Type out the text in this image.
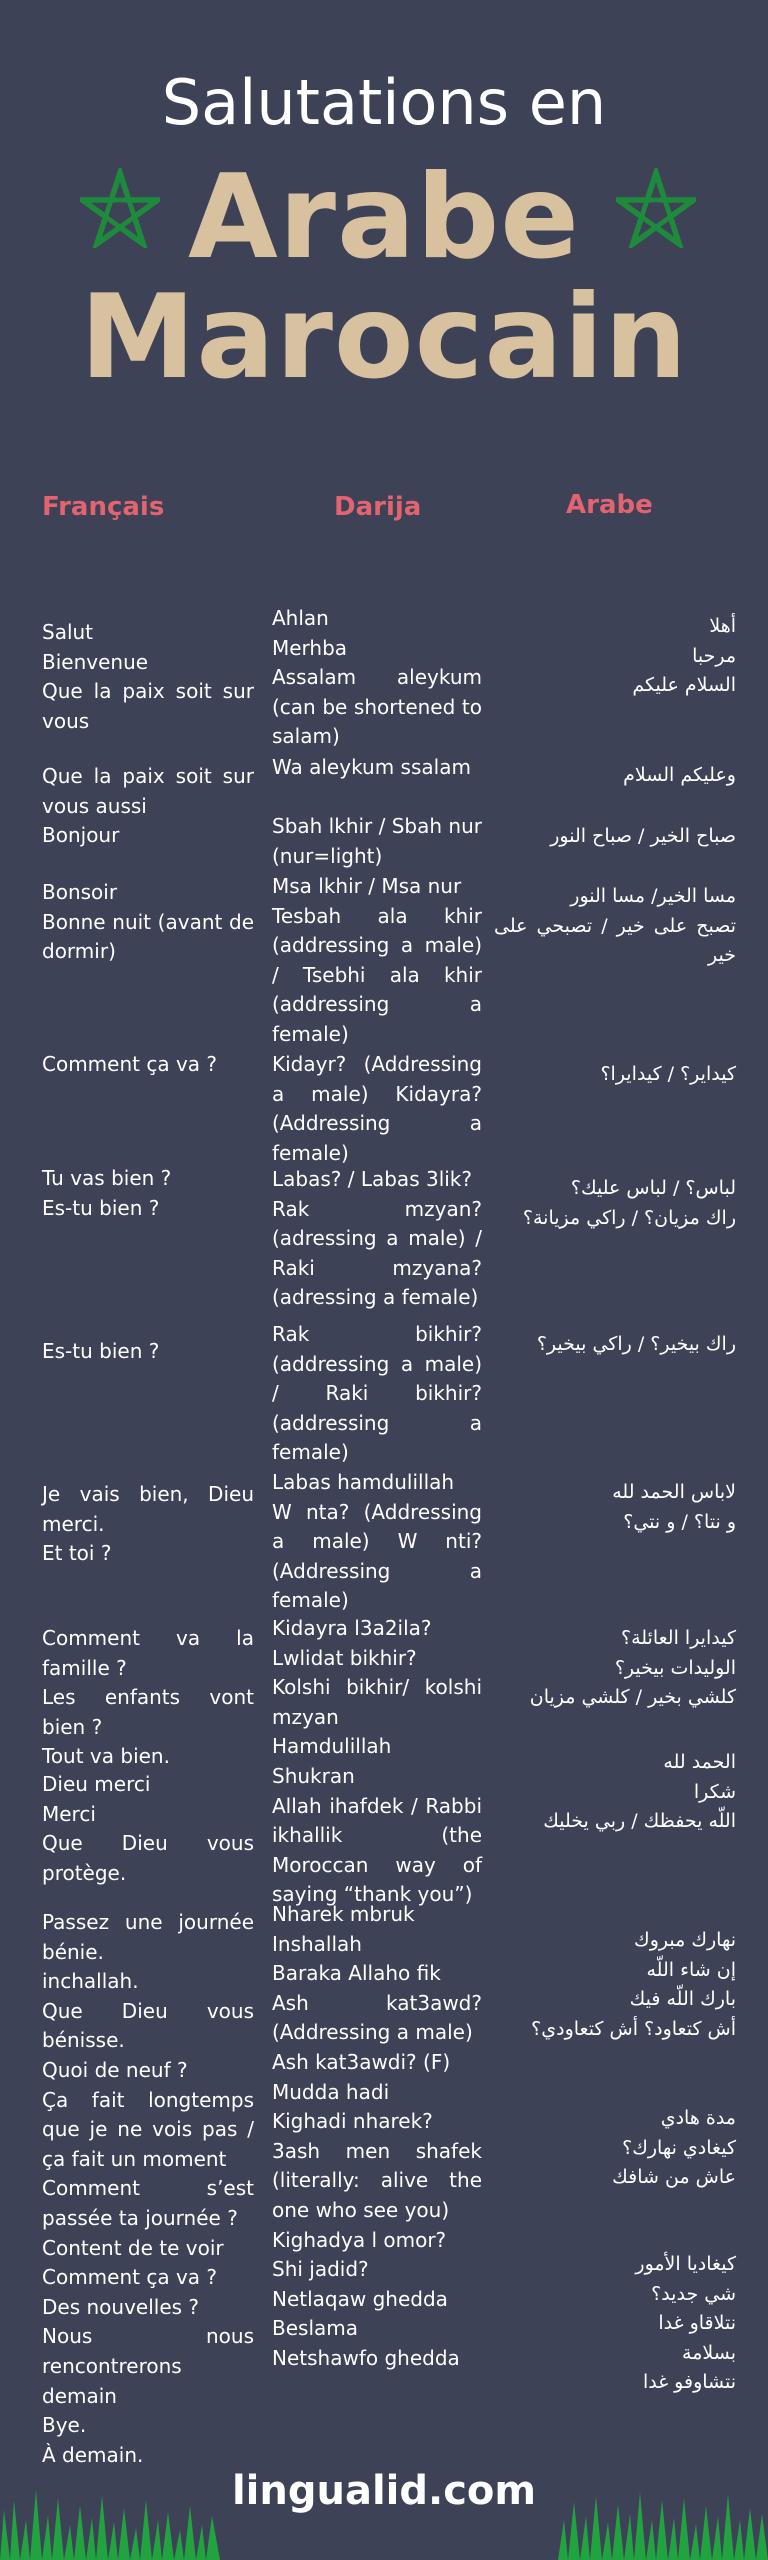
Salutations en
Arabe
Marocain
Français	Darija	Arabe
Salut
Bienvenue
Que la paix soit sur vous
Que la paix soit sur vous aussi
Bonjour
Bonsoir
Bonne nuit (avant de dormir)
Comment ça va ?
Tu vas bien ?
Es-tu bien ?
Es-tu bien ?
Je vais bien, Dieu merci.
Et toi ?
Comment va la famille ?
Les enfants vont bien ?
Tout va bien.
Dieu merci
Merci
Que Dieu vous protège.
Passez une journée bénie.
inchallah.
Que Dieu vous bénisse.
Quoi de neuf ?
Ça fait longtemps que je ne vois pas / ça fait un moment
Comment s’est passée ta journée ?
Content de te voir
Comment ça va ?
Des nouvelles ?
Nous nous rencontrerons demain
Bye.
À demain.
Ahlan
Merhba
Assalam aleykum (can be shortened to salam)
Wa aleykum ssalam
Sbah lkhir / Sbah nur (nur=light)
Msa lkhir / Msa nur
Tesbah ala khir (addressing a male) / Tsebhi ala khir (addressing a female)
Kidayr? (Addressing a male) Kidayra? (Addressing a female)
Labas? / Labas 3lik?
Rak mzyan? (adressing a male) / Raki mzyana? (adressing a female)
Rak bikhir? (addressing a male) / Raki bikhir? (addressing a female)
Labas hamdulillah
W nta? (Addressing a male) W nti? (Addressing a female)
Kidayra l3a2ila?
Lwlidat bikhir?
Kolshi bikhir/ kolshi mzyan
Hamdulillah
Shukran
Allah ihafdek / Rabbi ikhallik (the Moroccan way of saying “thank you”)
Nharek mbruk
Inshallah
Baraka Allaho fik
Ash kat3awd? (Addressing a male)
Ash kat3awdi? (F)
Mudda hadi
Kighadi nharek?
3ash men shafek (literally: alive the one who see you)
Kighadya l omor?
Shi jadid?
Netlaqaw ghedda
Beslama
Netshawfo ghedda
أهلا
مرحبا
السلام عليكم
وعليكم السلام
صباح الخير / صباح النور
مسا الخير/ مسا النور
تصبح على خير / تصبحي على خير
كيداير؟ / كيدايرا؟
لباس؟ / لباس عليك؟
راك مزيان؟ / راكي مزيانة؟
راك بيخير؟ / راكي بيخير؟
لاباس الحمد لله
و نتا؟ / و نتي؟
كيدايرا العائلة؟
الوليدات بيخير؟
كلشي بخير / كلشي مزيان
الحمد لله
شكرا
اللّه يحفظك / ربي يخليك
نهارك مبروك
إن شاء اللّه
بارك اللّه فيك
أش كتعاود؟ أش كتعاودي؟
مدة هادي
كيغادي نهارك؟
عاش من شافك
كيغاديا الأمور
شي جديد؟
نتلاقاو غدا
بسلامة
نتشاوفو غدا
lingualid.com
